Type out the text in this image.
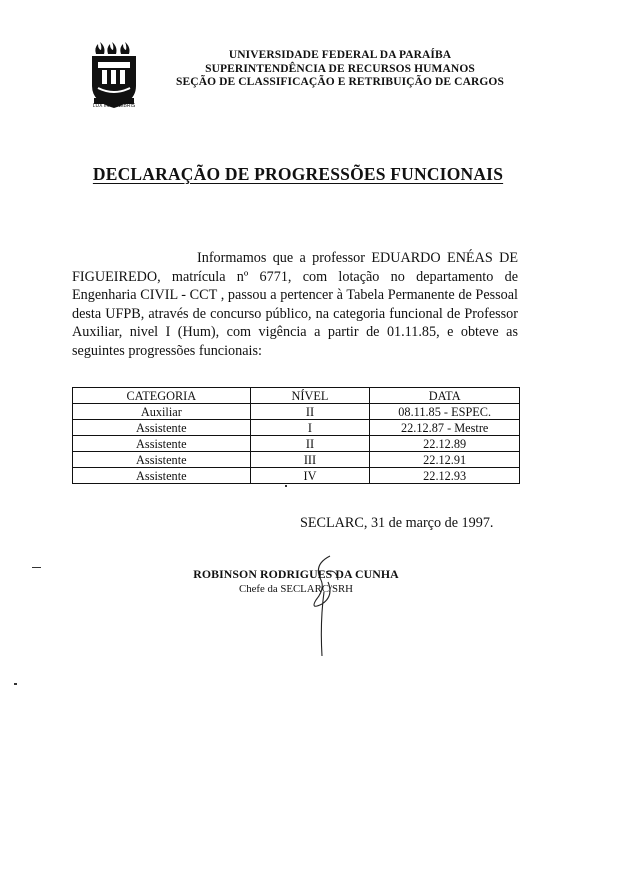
LUX IN TENEBRIS
UNIVERSIDADE FEDERAL DA PARAÍBA
SUPERINTENDÊNCIA DE RECURSOS HUMANOS
SEÇÃO DE CLASSIFICAÇÃO E RETRIBUIÇÃO DE CARGOS
DECLARAÇÃO DE PROGRESSÕES FUNCIONAIS
Informamos que a professor EDUARDO ENÉAS DE FIGUEIREDO, matrícula nº 6771, com lotação no departamento de Engenharia CIVIL - CCT , passou a pertencer à Tabela Permanente de Pessoal desta UFPB, através de concurso público, na categoria funcional de Professor Auxiliar, nivel I (Hum), com vigência a partir de 01.11.85, e obteve as seguintes progressões funcionais:
CATEGORIA	NÍVEL	DATA
Auxiliar	II	08.11.85 - ESPEC.
Assistente	I	22.12.87 - Mestre
Assistente	II	22.12.89
Assistente	III	22.12.91
Assistente	IV	22.12.93
SECLARC, 31 de março de 1997.
ROBINSON RODRIGUES DA CUNHA
Chefe da SECLARC/SRH
